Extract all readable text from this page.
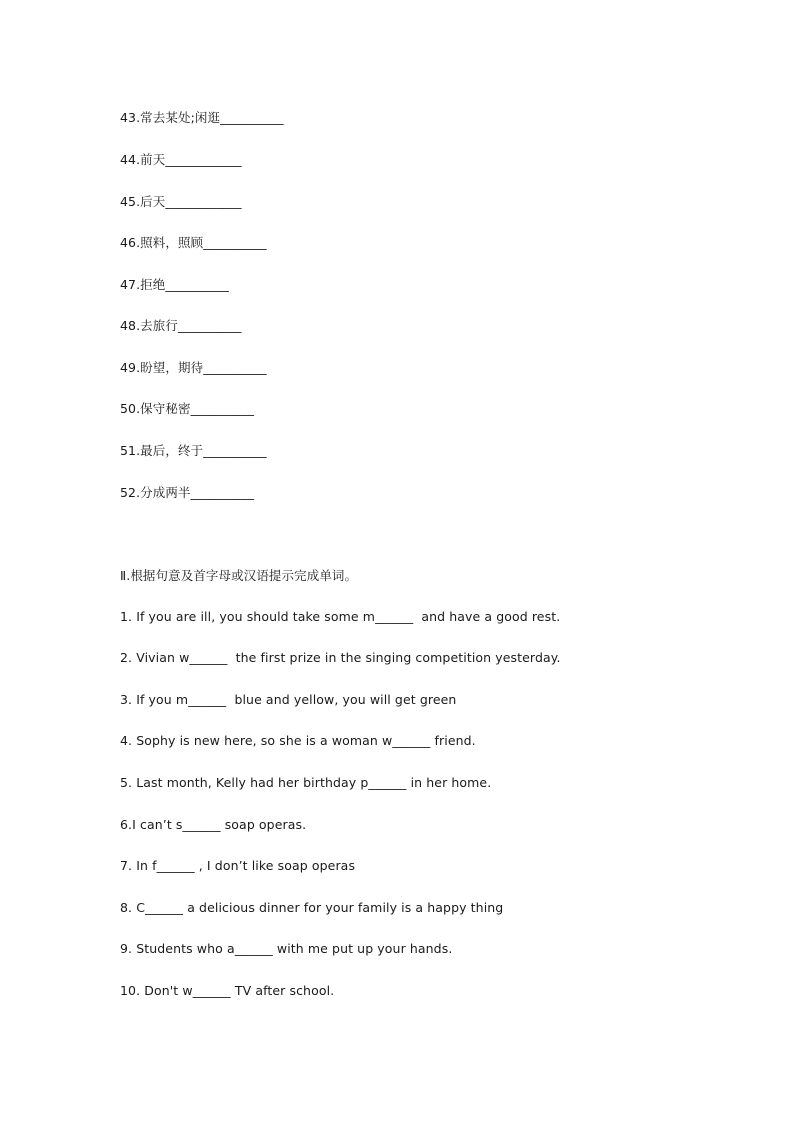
43.常去某处;闲逛__________
44.前天____________
45.后天____________
46.照料，照顾__________
47.拒绝__________
48.去旅行__________
49.盼望，期待__________
50.保守秘密__________
51.最后，终于__________
52.分成两半__________
Ⅱ.根据句意及首字母或汉语提示完成单词。
1. If you are ill, you should take some m______  and have a good rest.
2. Vivian w______  the first prize in the singing competition yesterday.
3. If you m______  blue and yellow, you will get green
4. Sophy is new here, so she is a woman w______ friend.
5. Last month, Kelly had her birthday p______ in her home.
6.I can’t s______ soap operas.
7. In f______ , I don’t like soap operas
8. C______ a delicious dinner for your family is a happy thing
9. Students who a______ with me put up your hands.
10. Don't w______ TV after school.
